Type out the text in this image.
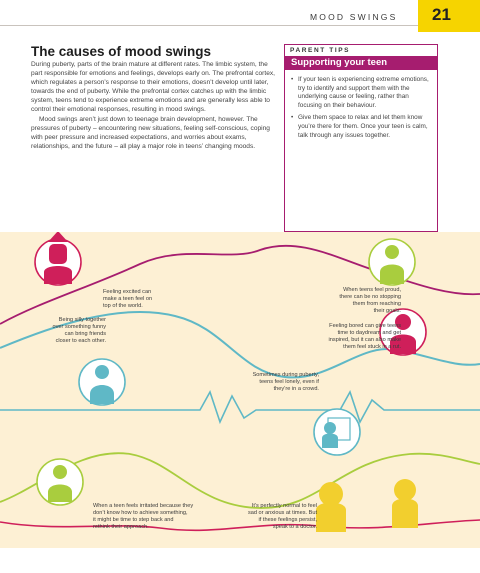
MOOD SWINGS 21
The causes of mood swings

During puberty, parts of the brain mature at different rates. The limbic system, the part responsible for emotions and feelings, develops early on. The prefrontal cortex, which regulates a person’s response to their emotions, doesn’t develop until later, towards the end of puberty. While the prefrontal cortex catches up with the limbic system, teens tend to experience extreme emotions and are generally less able to control their emotional responses, resulting in mood swings.

Mood swings aren’t just down to teenage brain development, however. The pressures of puberty – encountering new situations, feeling self-conscious, coping with peer pressure and increased expectations, and worries about exams, relationships, and the future – all play a major role in teens’ changing moods.

PARENT TIPS
Supporting your teen
• If your teen is experiencing extreme emotions, try to identify and support them with the underlying cause or feeling, rather than focusing on their behaviour.
• Give them space to relax and let them know you’re there for them. Once your teen is calm, talk through any issues together.
Feeling excited can
make a teen feel on
top of the world.
Being silly together
over something funny
can bring friends
closer to each other.
When teens feel proud,
there can be no stopping
them from reaching
their goals.
Feeling bored can give teens
time to daydream and get
inspired, but it can also make
them feel stuck in a rut.
Sometimes during puberty,
teens feel lonely, even if
they’re in a crowd.
When a teen feels irritated because they
don’t know how to achieve something,
it might be time to step back and
rethink their approach.
It’s perfectly normal to feel
sad or anxious at times. But
if these feelings persist,
speak to a doctor.
